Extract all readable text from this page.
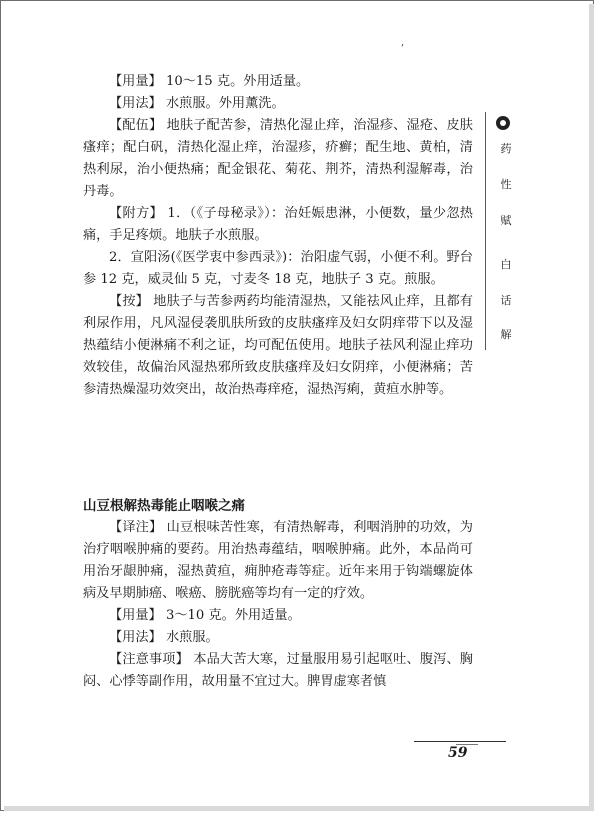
,

【用量】 10～15 克。外用适量。

【用法】 水煎服。外用薰洗。

【配伍】 地肤子配苦参，清热化湿止痒，治湿疹、湿疮、皮肤瘙痒；配白矾，清热化湿止痒，治湿疹，疥癣；配生地、黄柏，清热利尿，治小便热痛；配金银花、菊花、荆芥，清热利湿解毒，治丹毒。

【附方】 1．（《子母秘录》）：治妊娠患淋，小便数，量少忽热痛，手足疼烦。地肤子水煎服。

2．宣阳汤(《医学衷中参西录》)：治阳虚气弱，小便不利。野台参 12 克，威灵仙 5 克，寸麦冬 18 克，地肤子 3 克。煎服。

【按】 地肤子与苦参两药均能清湿热，又能祛风止痒，且都有利尿作用，凡风湿侵袭肌肤所致的皮肤瘙痒及妇女阴痒带下以及湿热蕴结小便淋痛不利之证，均可配伍使用。地肤子祛风利湿止痒功效较佳，故偏治风湿热邪所致皮肤瘙痒及妇女阴痒，小便淋痛；苦参清热燥湿功效突出，故治热毒痒疮，湿热泻痢，黄疸水肿等。

山豆根解热毒能止咽喉之痛

【译注】 山豆根味苦性寒，有清热解毒，利咽消肿的功效，为治疗咽喉肿痛的要药。用治热毒蕴结，咽喉肿痛。此外，本品尚可用治牙龈肿痛，湿热黄疸，痈肿疮毒等症。近年来用于钩端螺旋体病及早期肺癌、喉癌、膀胱癌等均有一定的疗效。

【用量】 3～10 克。外用适量。

【用法】 水煎服。

【注意事项】 本品大苦大寒，过量服用易引起呕吐、腹泻、胸闷、心悸等副作用，故用量不宜过大。脾胃虚寒者慎

药
性
赋
白
话
解
59
